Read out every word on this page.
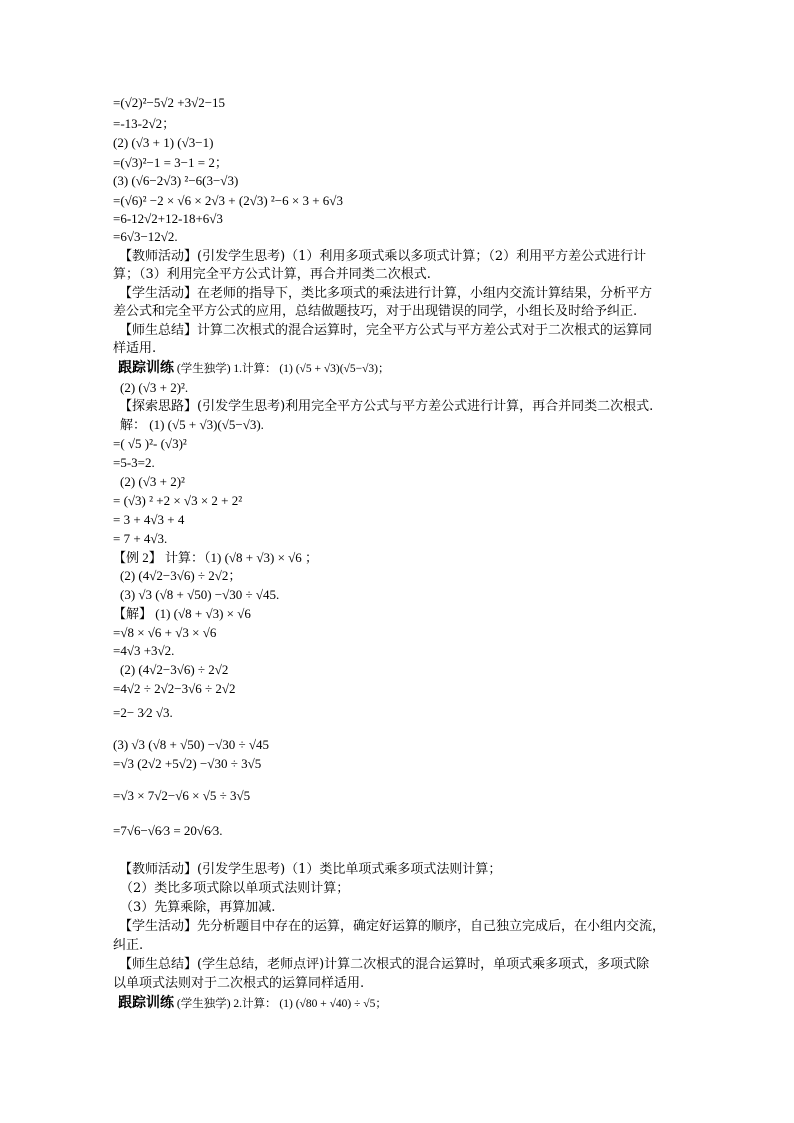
=(√2)²−5√2 +3√2−15
=-13-2√2；
(2) (√3 + 1) (√3−1)
=(√3)²−1 = 3−1 = 2；
(3) (√6−2√3) ²−6(3−√3)
=(√6)² −2 × √6 × 2√3 + (2√3) ²−6 × 3 + 6√3
=6-12√2+12-18+6√3
=6√3−12√2.
【教师活动】(引发学生思考)（1）利用多项式乘以多项式计算；（2）利用平方差公式进行计
算；（3）利用完全平方公式计算，再合并同类二次根式.
【学生活动】在老师的指导下，类比多项式的乘法进行计算，小组内交流计算结果，分析平方
差公式和完全平方公式的应用，总结做题技巧，对于出现错误的同学，小组长及时给予纠正.
【师生总结】计算二次根式的混合运算时，完全平方公式与平方差公式对于二次根式的运算同
样适用.
跟踪训练 (学生独学) 1.计算： (1) (√5 + √3)(√5−√3)；
(2) (√3 + 2)².
【探索思路】(引发学生思考)利用完全平方公式与平方差公式进行计算，再合并同类二次根式.
解： (1) (√5 + √3)(√5−√3).
=( √5 )²- (√3)²
=5-3=2.
(2) (√3 + 2)²
= (√3) ² +2 × √3 × 2 + 2²
= 3 + 4√3 + 4
= 7 + 4√3.
【例 2】 计算：（1) (√8 + √3) × √6 ；
(2) (4√2−3√6) ÷ 2√2；
(3) √3 (√8 + √50) −√30 ÷ √45.
【解】 (1) (√8 + √3) × √6
=√8 × √6 + √3 × √6
=4√3 +3√2.
(2) (4√2−3√6) ÷ 2√2
=4√2 ÷ 2√2−3√6 ÷ 2√2
=2− 3⁄2 √3.
(3) √3 (√8 + √50) −√30 ÷ √45
=√3 (2√2 +5√2) −√30 ÷ 3√5
=√3 × 7√2−√6 × √5 ÷ 3√5
=7√6−√6⁄3 = 20√6⁄3.
【教师活动】(引发学生思考)（1）类比单项式乘多项式法则计算；
（2）类比多项式除以单项式法则计算；
（3）先算乘除，再算加减.
【学生活动】先分析题目中存在的运算，确定好运算的顺序，自己独立完成后，在小组内交流，
纠正.
【师生总结】(学生总结，老师点评)计算二次根式的混合运算时，单项式乘多项式，多项式除
以单项式法则对于二次根式的运算同样适用.
跟踪训练 (学生独学) 2.计算： (1) (√80 + √40) ÷ √5；
